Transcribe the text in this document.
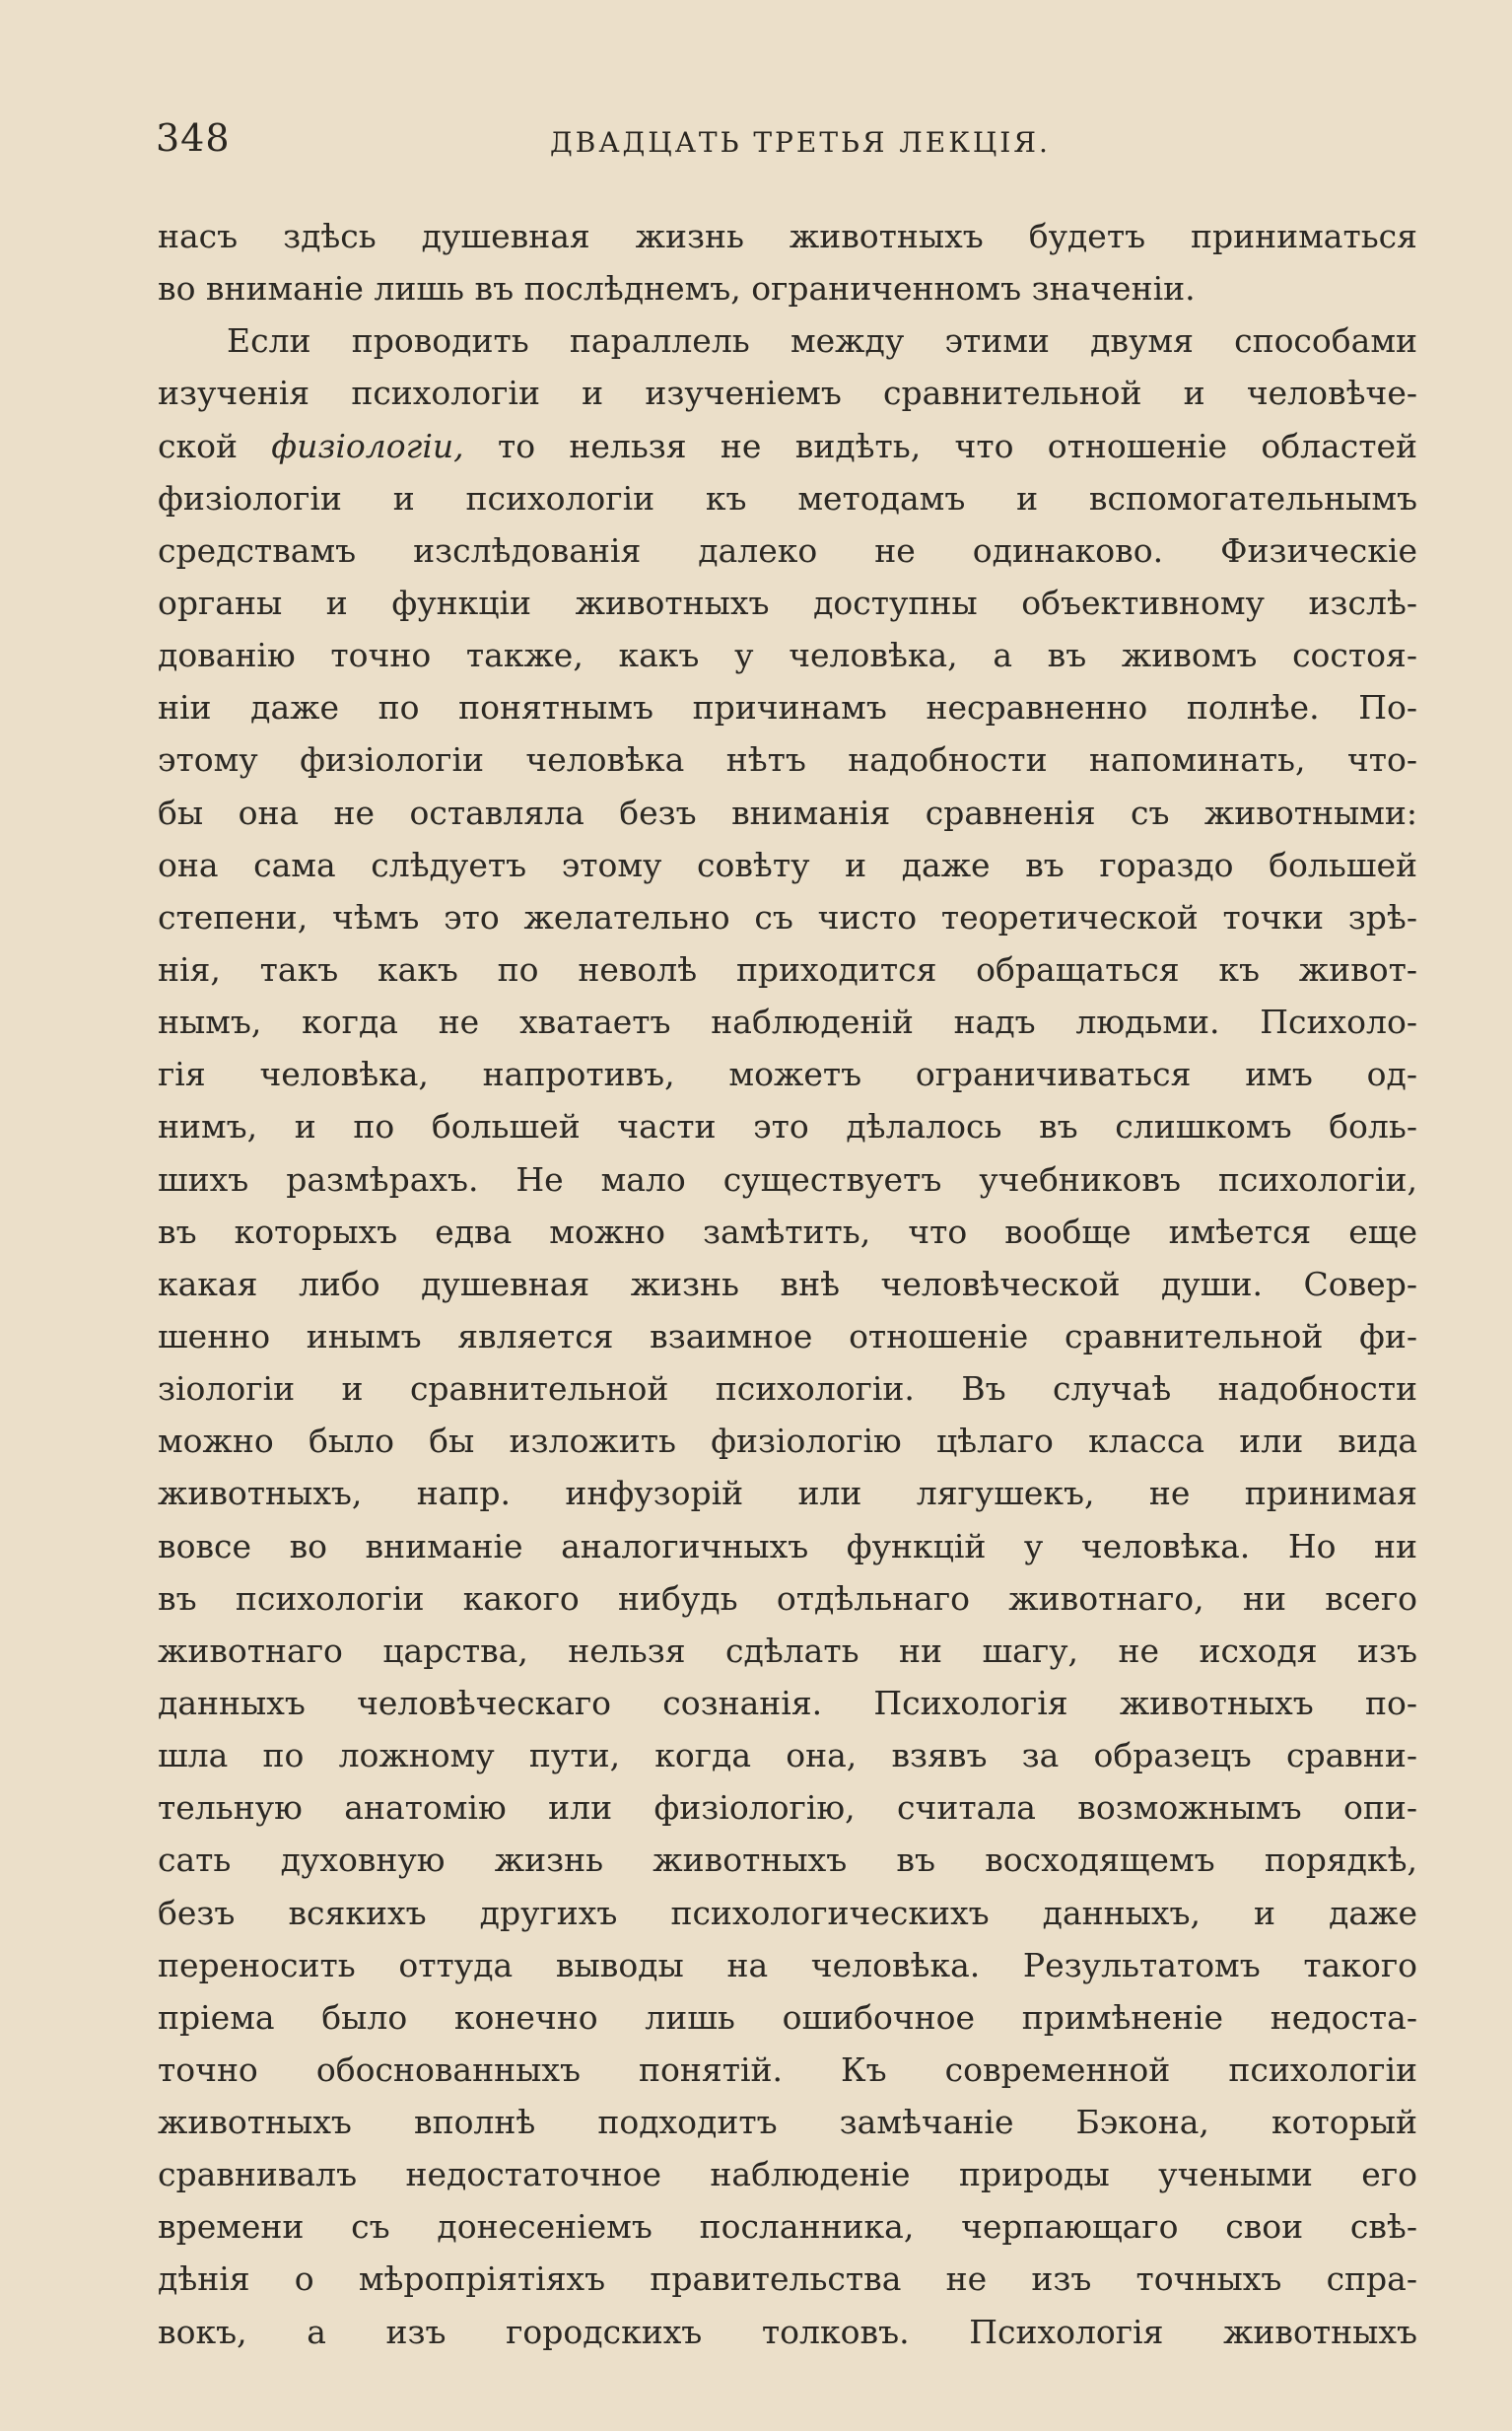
348	ДВАДЦАТЬ ТРЕТЬЯ ЛЕКЦІЯ.
насъ здѣсь душевная жизнь животныхъ будетъ приниматься
во вниманіе лишь въ послѣднемъ, ограниченномъ значеніи.
Если проводить параллель между этими двумя способами
изученія психологіи и изученіемъ сравнительной и человѣче-
ской физіологіи, то нельзя не видѣть, что отношеніе областей
физіологіи и психологіи къ методамъ и вспомогательнымъ
средствамъ изслѣдованія далеко не одинаково. Физическіе
органы и функціи животныхъ доступны объективному изслѣ-
дованію точно также, какъ у человѣка, а въ живомъ состоя-
ніи даже по понятнымъ причинамъ несравненно полнѣе. По-
этому физіологіи человѣка нѣтъ надобности напоминать, что-
бы она не оставляла безъ вниманія сравненія съ животными:
она сама слѣдуетъ этому совѣту и даже въ гораздо большей
степени, чѣмъ это желательно съ чисто теоретической точки зрѣ-
нія, такъ какъ по неволѣ приходится обращаться къ живот-
нымъ, когда не хватаетъ наблюденій надъ людьми. Психоло-
гія человѣка, напротивъ, можетъ ограничиваться имъ од-
нимъ, и по большей части это дѣлалось въ слишкомъ боль-
шихъ размѣрахъ. Не мало существуетъ учебниковъ психологіи,
въ которыхъ едва можно замѣтить, что вообще имѣется еще
какая либо душевная жизнь внѣ человѣческой души. Совер-
шенно инымъ является взаимное отношеніе сравнительной фи-
зіологіи и сравнительной психологіи. Въ случаѣ надобности
можно было бы изложить физіологію цѣлаго класса или вида
животныхъ, напр. инфузорій или лягушекъ, не принимая
вовсе во вниманіе аналогичныхъ функцій у человѣка. Но ни
въ психологіи какого нибудь отдѣльнаго животнаго, ни всего
животнаго царства, нельзя сдѣлать ни шагу, не исходя изъ
данныхъ человѣческаго сознанія. Психологія животныхъ по-
шла по ложному пути, когда она, взявъ за образецъ сравни-
тельную анатомію или физіологію, считала возможнымъ опи-
сать духовную жизнь животныхъ въ восходящемъ порядкѣ,
безъ всякихъ другихъ психологическихъ данныхъ, и даже
переносить оттуда выводы на человѣка. Результатомъ такого
пріема было конечно лишь ошибочное примѣненіе недоста-
точно обоснованныхъ понятій. Къ современной психологіи
животныхъ вполнѣ подходитъ замѣчаніе Бэкона, который
сравнивалъ недостаточное наблюденіе природы учеными его
времени съ донесеніемъ посланника, черпающаго свои свѣ-
дѣнія о мѣропріятіяхъ правительства не изъ точныхъ спра-
вокъ, а изъ городскихъ толковъ. Психологія животныхъ
